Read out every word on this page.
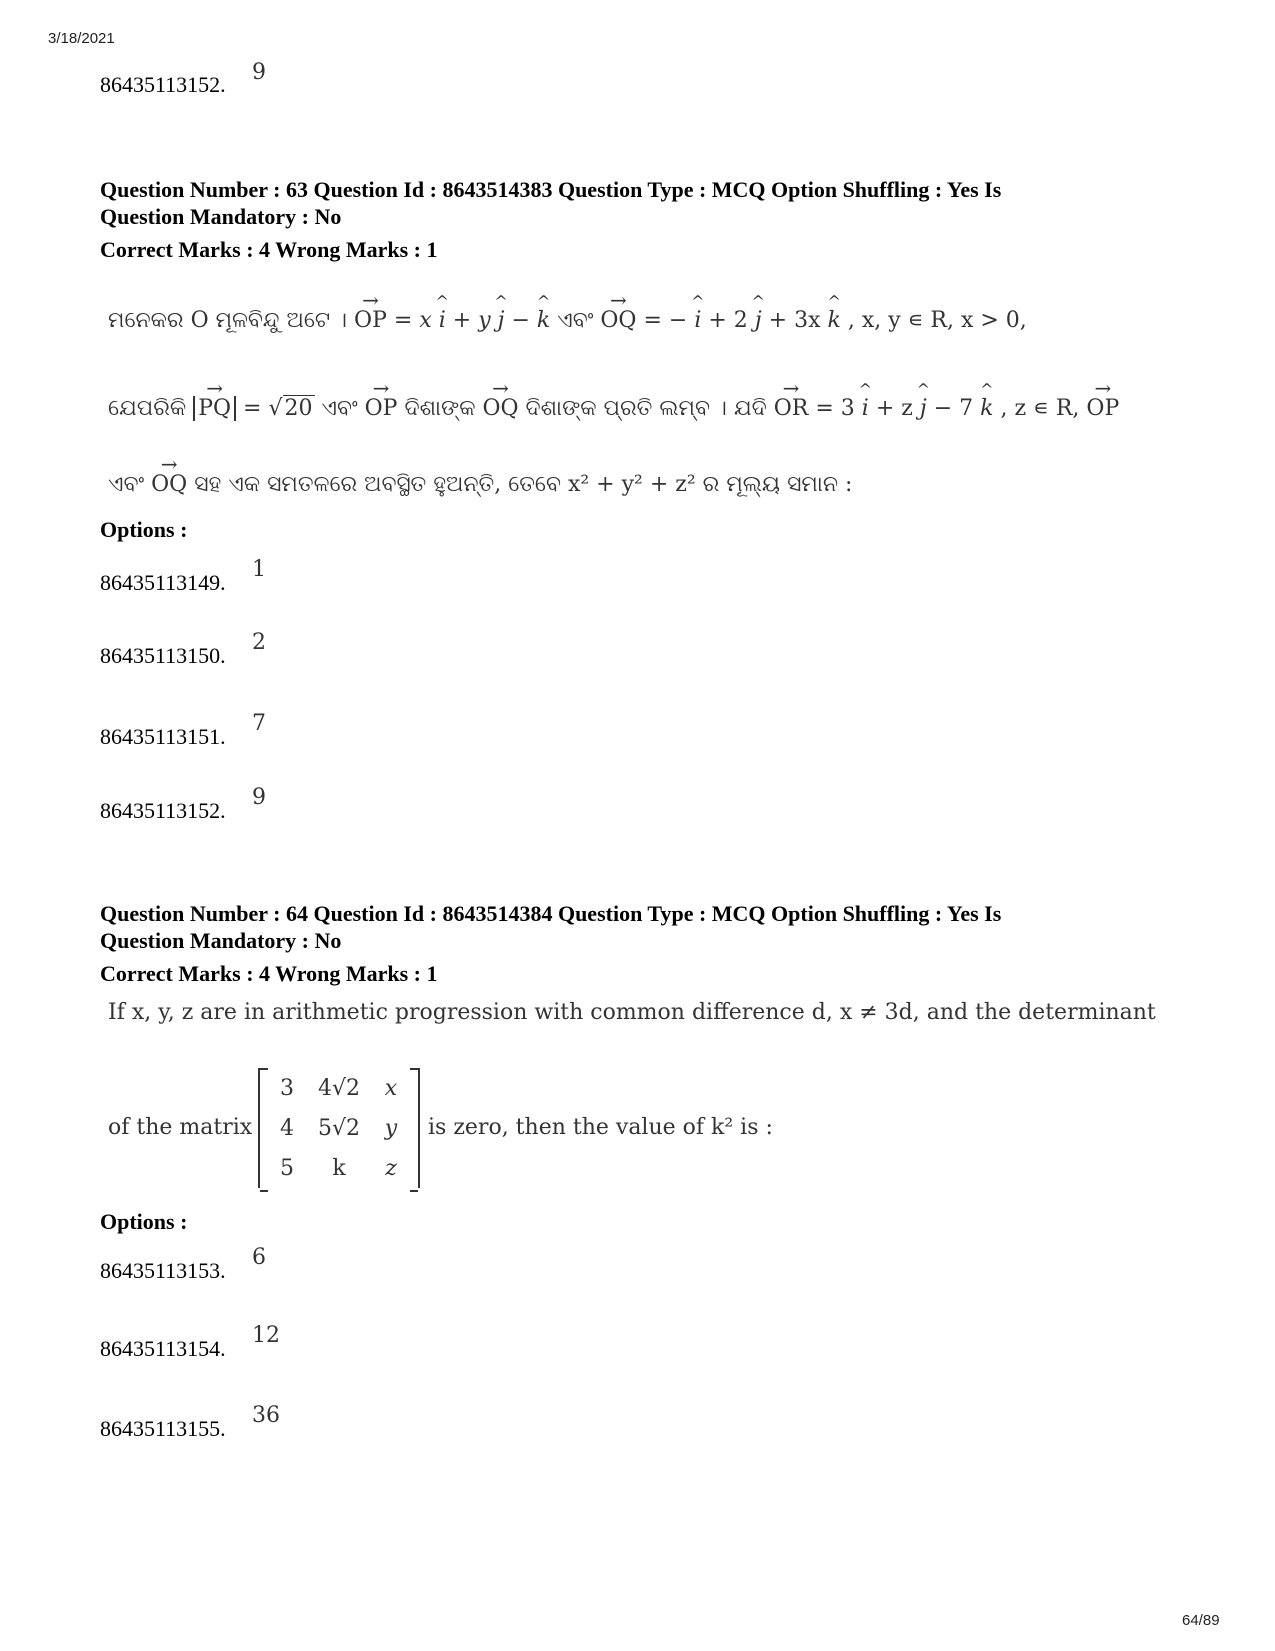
3/18/2021
86435113152. 9
Question Number : 63 Question Id : 8643514383 Question Type : MCQ Option Shuffling : Yes Is
Question Mandatory : No
Correct Marks : 4 Wrong Marks : 1
ମନେକର O ମୂଳବିନ୍ଦୁ ଅଟେ । → OP = x ^ i + y ^ j − ^ k ଏବଂ → OQ = − ^ i + 2 ^ j + 3x ^ k , x, y ∊ R, x > 0,
ଯେପରିକି → PQ = √20 ଏବଂ → OP ଦିଶାଙ୍କ → OQ ଦିଶାଙ୍କ ପ୍ରତି ଲମ୍ବ । ଯଦି → OR = 3 ^ i + z ^ j − 7 ^ k , z ∊ R, → OP
ଏବଂ → OQ ସହ ଏକ ସମତଳରେ ଅବସ୍ଥିତ ହୁଅନ୍ତି, ତେବେ x² + y² + z² ର ମୂଲ୍ୟ ସମାନ :
Options :
86435113149.
1
86435113150.
2
86435113151.
7
86435113152.
9
Question Number : 64 Question Id : 8643514384 Question Type : MCQ Option Shuffling : Yes Is
Question Mandatory : No
Correct Marks : 4 Wrong Marks : 1
If x, y, z are in arithmetic progression with common difference d, x ≠ 3d, and the determinant
of the matrix
3	4√2	x
4	5√2	y
5	k	z
is zero, then the value of k² is :
Options :
86435113153.
6
86435113154.
12
86435113155.
36
64/89
